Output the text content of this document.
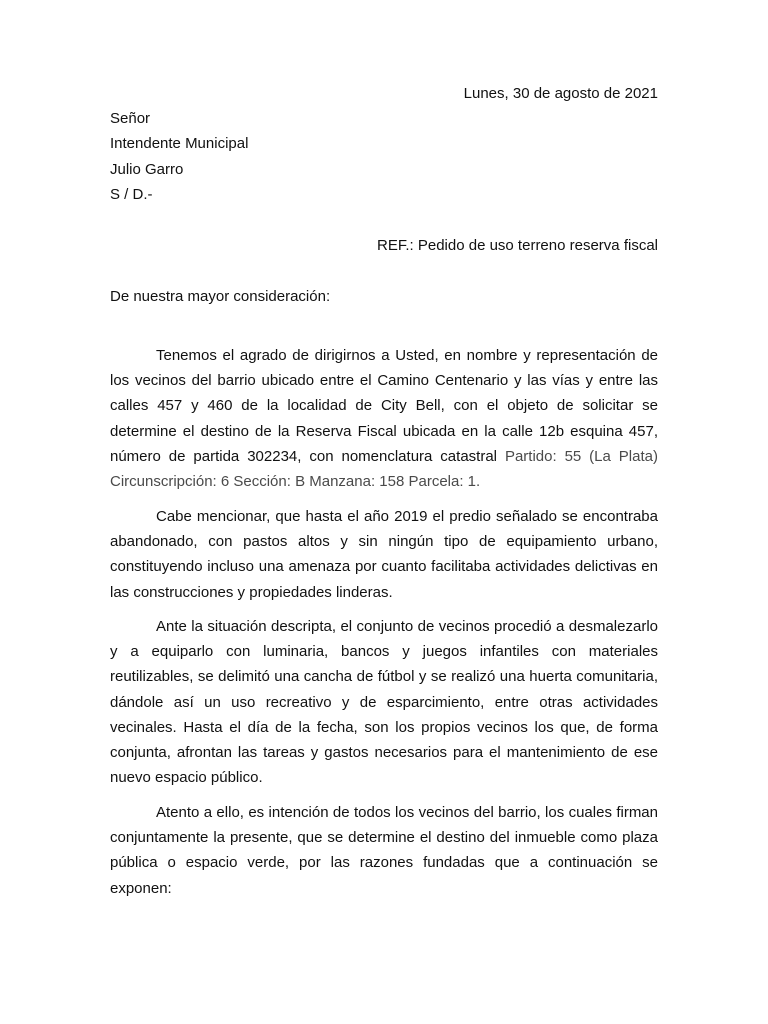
Lunes, 30 de agosto de 2021
Señor
Intendente Municipal
Julio Garro
S / D.-
REF.: Pedido de uso terreno reserva fiscal
De nuestra mayor consideración:

Tenemos el agrado de dirigirnos a Usted, en nombre y representación de los vecinos del barrio ubicado entre el Camino Centenario y las vías y entre las calles 457 y 460 de la localidad de City Bell, con el objeto de solicitar se determine el destino de la Reserva Fiscal ubicada en la calle 12b esquina 457, número de partida 302234, con nomenclatura catastral Partido: 55 (La Plata) Circunscripción: 6 Sección: B Manzana: 158 Parcela: 1.

Cabe mencionar, que hasta el año 2019 el predio señalado se encontraba abandonado, con pastos altos y sin ningún tipo de equipamiento urbano, constituyendo incluso una amenaza por cuanto facilitaba actividades delictivas en las construcciones y propiedades linderas.

Ante la situación descripta, el conjunto de vecinos procedió a desmalezarlo y a equiparlo con luminaria, bancos y juegos infantiles con materiales reutilizables, se delimitó una cancha de fútbol y se realizó una huerta comunitaria, dándole así un uso recreativo y de esparcimiento, entre otras actividades vecinales. Hasta el día de la fecha, son los propios vecinos los que, de forma conjunta, afrontan las tareas y gastos necesarios para el mantenimiento de ese nuevo espacio público.

Atento a ello, es intención de todos los vecinos del barrio, los cuales firman conjuntamente la presente, que se determine el destino del inmueble como plaza pública o espacio verde, por las razones fundadas que a continuación se exponen:
